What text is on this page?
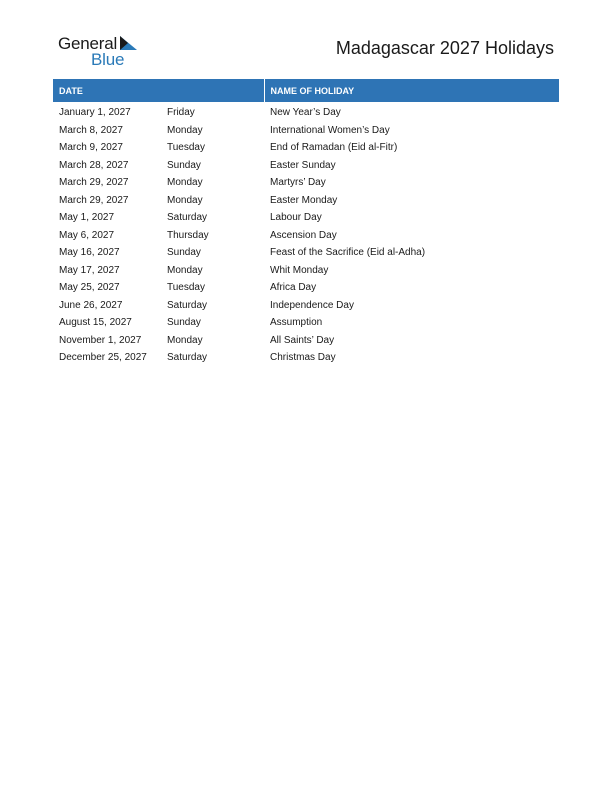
General
Blue
Madagascar 2027 Holidays
DATE		NAME OF HOLIDAY
January 1, 2027	Friday	New Year’s Day
March 8, 2027	Monday	International Women’s Day
March 9, 2027	Tuesday	End of Ramadan (Eid al-Fitr)
March 28, 2027	Sunday	Easter Sunday
March 29, 2027	Monday	Martyrs’ Day
March 29, 2027	Monday	Easter Monday
May 1, 2027	Saturday	Labour Day
May 6, 2027	Thursday	Ascension Day
May 16, 2027	Sunday	Feast of the Sacrifice (Eid al-Adha)
May 17, 2027	Monday	Whit Monday
May 25, 2027	Tuesday	Africa Day
June 26, 2027	Saturday	Independence Day
August 15, 2027	Sunday	Assumption
November 1, 2027	Monday	All Saints’ Day
December 25, 2027	Saturday	Christmas Day
